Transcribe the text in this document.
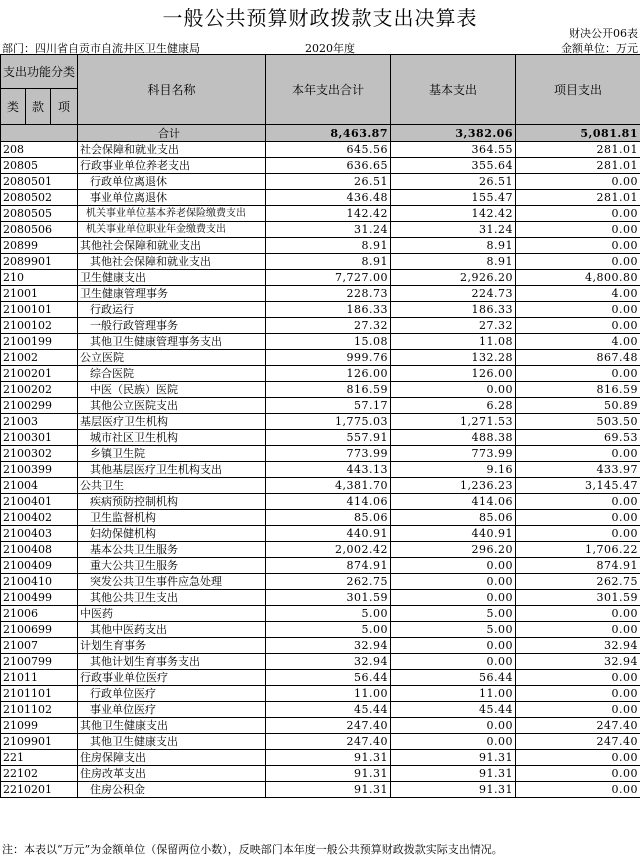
一般公共预算财政拨款支出决算表
财决公开06表
部门：四川省自贡市自流井区卫生健康局	2020年度	金额单位：万元
支出功能分类			科目名称	本年支出合计	基本支出	项目支出
类	款	项				
			合计	8,463.87	3,382.06	5,081.81
208			社会保障和就业支出	645.56	364.55	281.01
20805			行政事业单位养老支出	636.65	355.64	281.01
2080501			行政单位离退休	26.51	26.51	0.00
2080502			事业单位离退休	436.48	155.47	281.01
2080505			机关事业单位基本养老保险缴费支出	142.42	142.42	0.00
2080506			机关事业单位职业年金缴费支出	31.24	31.24	0.00
20899			其他社会保障和就业支出	8.91	8.91	0.00
2089901			其他社会保障和就业支出	8.91	8.91	0.00
210			卫生健康支出	7,727.00	2,926.20	4,800.80
21001			卫生健康管理事务	228.73	224.73	4.00
2100101			行政运行	186.33	186.33	0.00
2100102			一般行政管理事务	27.32	27.32	0.00
2100199			其他卫生健康管理事务支出	15.08	11.08	4.00
21002			公立医院	999.76	132.28	867.48
2100201			综合医院	126.00	126.00	0.00
2100202			中医（民族）医院	816.59	0.00	816.59
2100299			其他公立医院支出	57.17	6.28	50.89
21003			基层医疗卫生机构	1,775.03	1,271.53	503.50
2100301			城市社区卫生机构	557.91	488.38	69.53
2100302			乡镇卫生院	773.99	773.99	0.00
2100399			其他基层医疗卫生机构支出	443.13	9.16	433.97
21004			公共卫生	4,381.70	1,236.23	3,145.47
2100401			疾病预防控制机构	414.06	414.06	0.00
2100402			卫生监督机构	85.06	85.06	0.00
2100403			妇幼保健机构	440.91	440.91	0.00
2100408			基本公共卫生服务	2,002.42	296.20	1,706.22
2100409			重大公共卫生服务	874.91	0.00	874.91
2100410			突发公共卫生事件应急处理	262.75	0.00	262.75
2100499			其他公共卫生支出	301.59	0.00	301.59
21006			中医药	5.00	5.00	0.00
2100699			其他中医药支出	5.00	5.00	0.00
21007			计划生育事务	32.94	0.00	32.94
2100799			其他计划生育事务支出	32.94	0.00	32.94
21011			行政事业单位医疗	56.44	56.44	0.00
2101101			行政单位医疗	11.00	11.00	0.00
2101102			事业单位医疗	45.44	45.44	0.00
21099			其他卫生健康支出	247.40	0.00	247.40
2109901			其他卫生健康支出	247.40	0.00	247.40
221			住房保障支出	91.31	91.31	0.00
22102			住房改革支出	91.31	91.31	0.00
2210201			住房公积金	91.31	91.31	0.00
注：本表以“万元”为金额单位（保留两位小数），反映部门本年度一般公共预算财政拨款实际支出情况。
